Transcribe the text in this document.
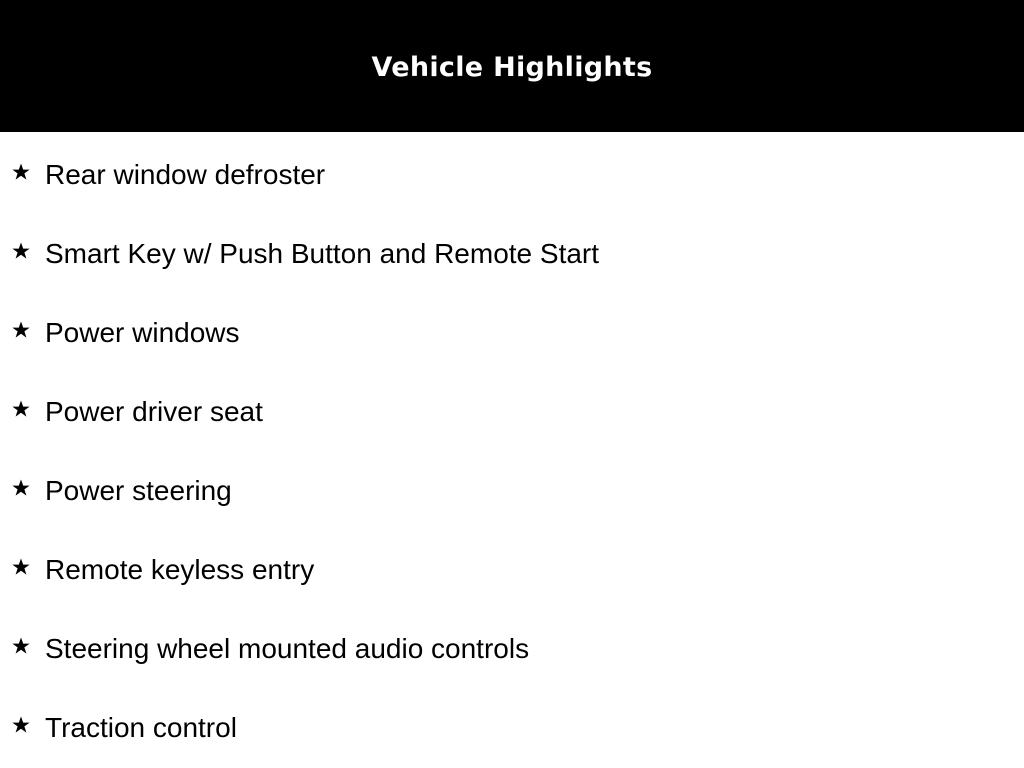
Vehicle Highlights
Rear window defroster
Smart Key w/ Push Button and Remote Start
Power windows
Power driver seat
Power steering
Remote keyless entry
Steering wheel mounted audio controls
Traction control
